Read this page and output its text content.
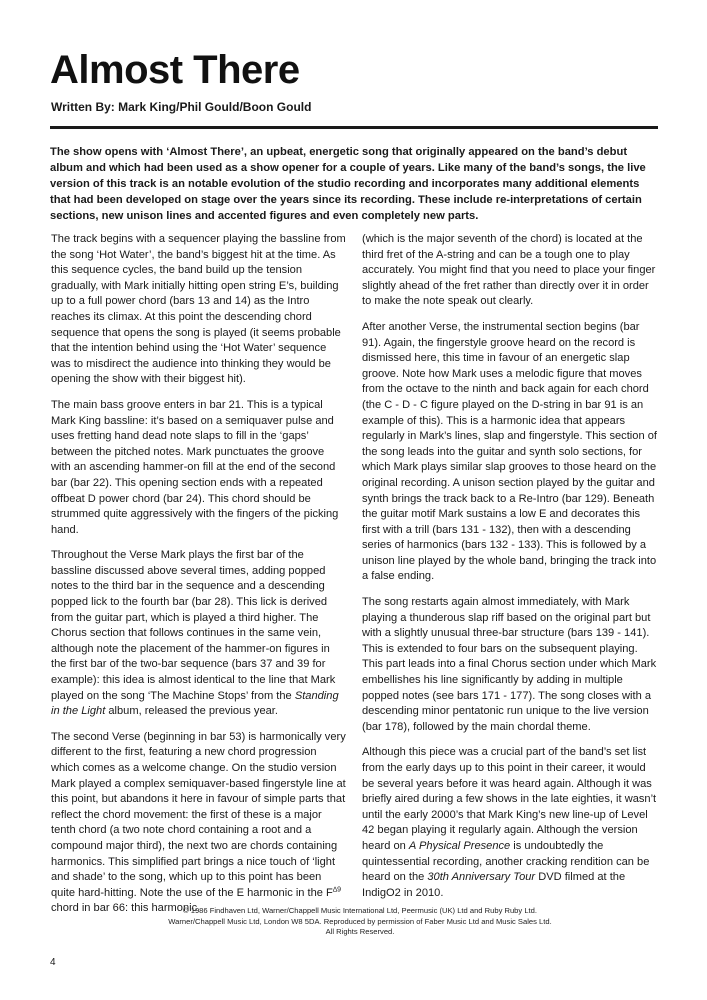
Almost There
Written By: Mark King/Phil Gould/Boon Gould

The show opens with ‘Almost There’, an upbeat, energetic song that originally appeared on the band’s debut album and which had been used as a show opener for a couple of years. Like many of the band’s songs, the live version of this track is an notable evolution of the studio recording and incorporates many additional elements that had been developed on stage over the years since its recording. These include re-interpretations of certain sections, new unison lines and accented figures and even completely new parts.

The track begins with a sequencer playing the bassline from the song ‘Hot Water’, the band’s biggest hit at the time. As this sequence cycles, the band build up the tension gradually, with Mark initially hitting open string E’s, building up to a full power chord (bars 13 and 14) as the Intro reaches its climax. At this point the descending chord sequence that opens the song is played (it seems probable that the intention behind using the ‘Hot Water’ sequence was to misdirect the audience into thinking they would be opening the show with their biggest hit).

The main bass groove enters in bar 21. This is a typical Mark King bassline: it’s based on a semiquaver pulse and uses fretting hand dead note slaps to fill in the ‘gaps’ between the pitched notes. Mark punctuates the groove with an ascending hammer-on fill at the end of the second bar (bar 22). This opening section ends with a repeated offbeat D power chord (bar 24). This chord should be strummed quite aggressively with the fingers of the picking hand.

Throughout the Verse Mark plays the first bar of the bassline discussed above several times, adding popped notes to the third bar in the sequence and a descending popped lick to the fourth bar (bar 28). This lick is derived from the guitar part, which is played a third higher. The Chorus section that follows continues in the same vein, although note the placement of the hammer-on figures in the first bar of the two-bar sequence (bars 37 and 39 for example): this idea is almost identical to the line that Mark played on the song ‘The Machine Stops’ from the Standing in the Light album, released the previous year.

The second Verse (beginning in bar 53) is harmonically very different to the first, featuring a new chord progression which comes as a welcome change. On the studio version Mark played a complex semiquaver-based fingerstyle line at this point, but abandons it here in favour of simple parts that reflect the chord movement: the first of these is a major tenth chord (a two note chord containing a root and a compound major third), the next two are chords containing harmonics. This simplified part brings a nice touch of ‘light and shade’ to the song, which up to this point has been quite hard-hitting. Note the use of the E harmonic in the $F^{\Delta 9}$ chord in bar 66: this harmonic

(which is the major seventh of the chord) is located at the third fret of the A-string and can be a tough one to play accurately. You might find that you need to place your finger slightly ahead of the fret rather than directly over it in order to make the note speak out clearly.

After another Verse, the instrumental section begins (bar 91). Again, the fingerstyle groove heard on the record is dismissed here, this time in favour of an energetic slap groove. Note how Mark uses a melodic figure that moves from the octave to the ninth and back again for each chord (the C - D - C figure played on the D-string in bar 91 is an example of this). This is a harmonic idea that appears regularly in Mark’s lines, slap and fingerstyle. This section of the song leads into the guitar and synth solo sections, for which Mark plays similar slap grooves to those heard on the original recording. A unison section played by the guitar and synth brings the track back to a Re-Intro (bar 129). Beneath the guitar motif Mark sustains a low E and decorates this first with a trill (bars 131 - 132), then with a descending series of harmonics (bars 132 - 133). This is followed by a unison line played by the whole band, bringing the track into a false ending.

The song restarts again almost immediately, with Mark playing a thunderous slap riff based on the original part but with a slightly unusual three-bar structure (bars 139 - 141). This is extended to four bars on the subsequent playing. This part leads into a final Chorus section under which Mark embellishes his line significantly by adding in multiple popped notes (see bars 171 - 177). The song closes with a descending minor pentatonic run unique to the live version (bar 178), followed by the main chordal theme.

Although this piece was a crucial part of the band’s set list from the early days up to this point in their career, it would be several years before it was heard again. Although it was briefly aired during a few shows in the late eighties, it wasn’t until the early 2000’s that Mark King’s new line-up of Level 42 began playing it regularly again. Although the version heard on A Physical Presence is undoubtedly the quintessential recording, another cracking rendition can be heard on the 30th Anniversary Tour DVD filmed at the IndigO2 in 2010.

© 1986 Findhaven Ltd, Warner/Chappell Music International Ltd, Peermusic (UK) Ltd and Ruby Ruby Ltd.
Warner/Chappell Music Ltd, London W8 5DA. Reproduced by permission of Faber Music Ltd and Music Sales Ltd.
All Rights Reserved.
4
